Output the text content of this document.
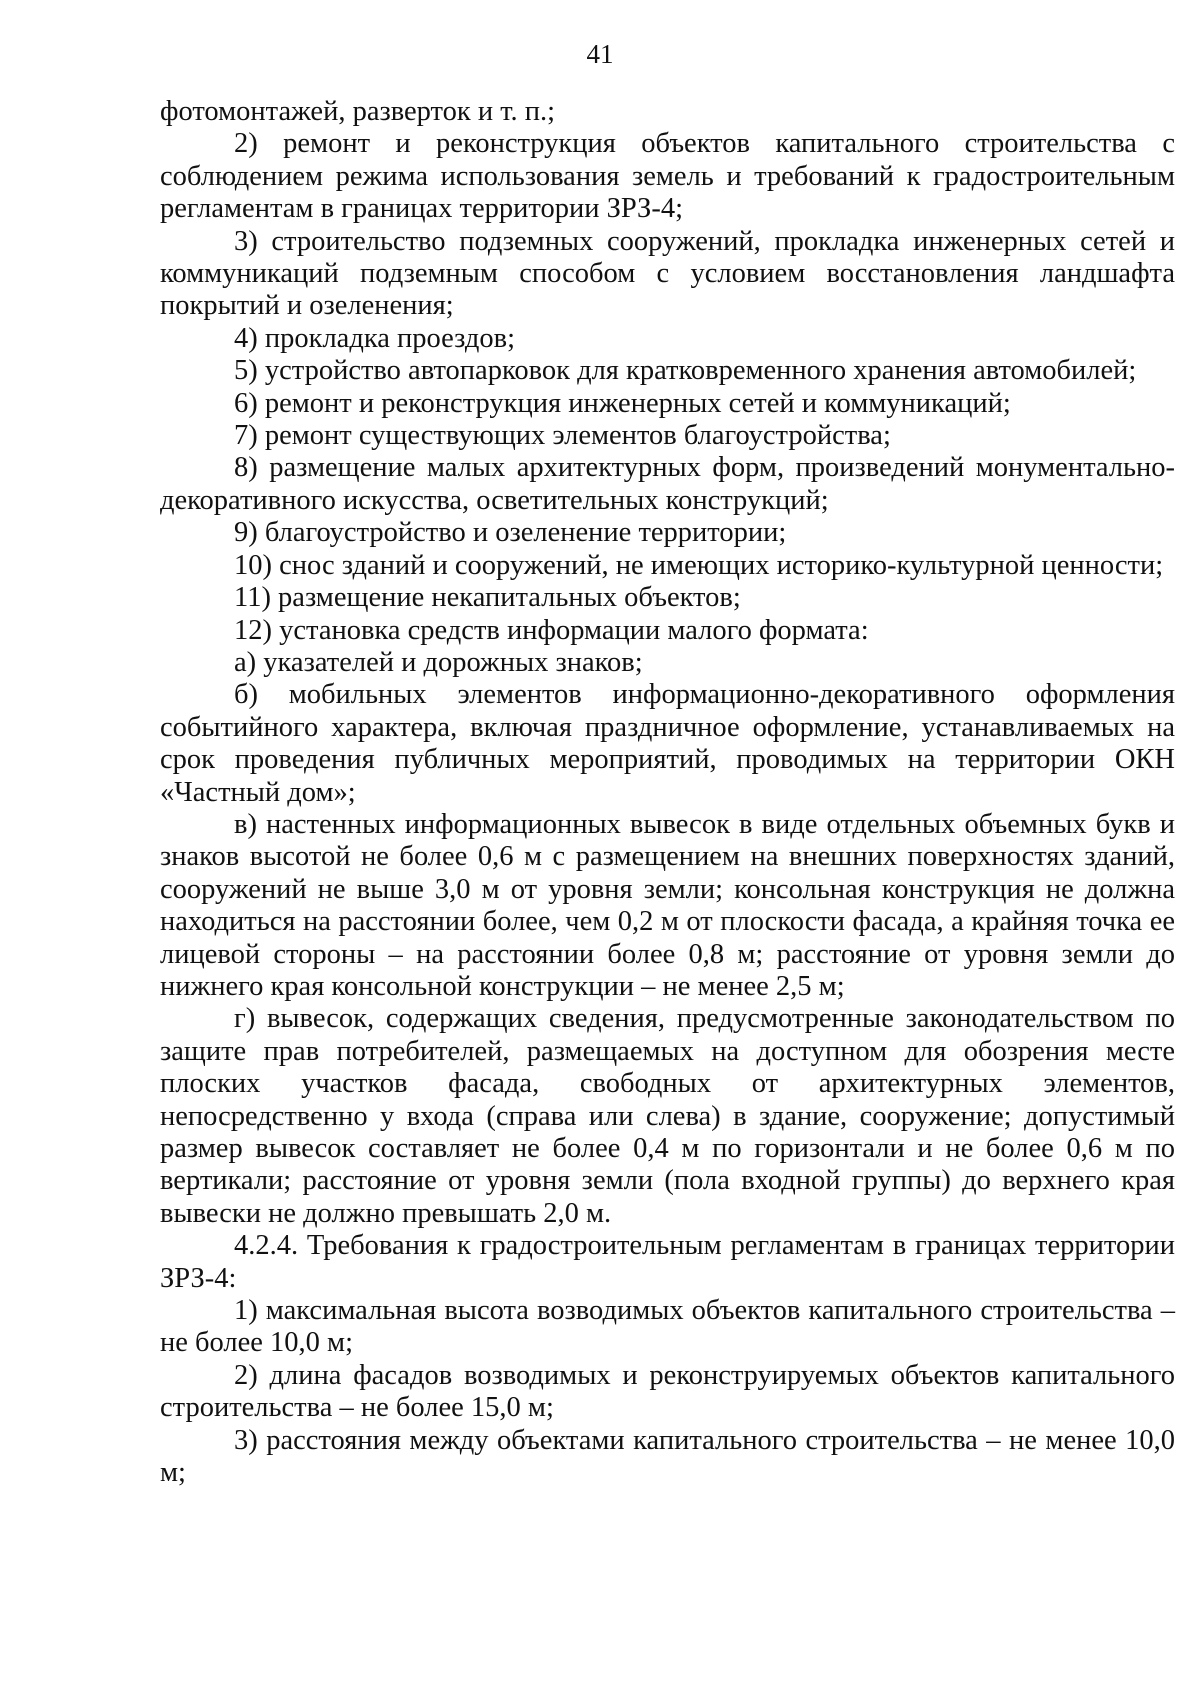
41

фотомонтажей, разверток и т. п.;

2) ремонт и реконструкция объектов капитального строительства с соблюдением режима использования земель и требований к градостроительным регламентам в границах территории ЗРЗ-4;

3) строительство подземных сооружений, прокладка инженерных сетей и коммуникаций подземным способом с условием восстановления ландшафта покрытий и озеленения;

4) прокладка проездов;

5) устройство автопарковок для кратковременного хранения автомобилей;

6) ремонт и реконструкция инженерных сетей и коммуникаций;

7) ремонт существующих элементов благоустройства;

8) размещение малых архитектурных форм, произведений монументально-декоративного искусства, осветительных конструкций;

9) благоустройство и озеленение территории;

10) снос зданий и сооружений, не имеющих историко-культурной ценности;

11) размещение некапитальных объектов;

12) установка средств информации малого формата:

а) указателей и дорожных знаков;

б) мобильных элементов информационно-декоративного оформления событийного характера, включая праздничное оформление, устанавливаемых на срок проведения публичных мероприятий, проводимых на территории ОКН «Частный дом»;

в) настенных информационных вывесок в виде отдельных объемных букв и знаков высотой не более 0,6 м с размещением на внешних поверхностях зданий, сооружений не выше 3,0 м от уровня земли; консольная конструкция не должна находиться на расстоянии более, чем 0,2 м от плоскости фасада, а крайняя точка ее лицевой стороны – на расстоянии более 0,8 м; расстояние от уровня земли до нижнего края консольной конструкции – не менее 2,5 м;

г) вывесок, содержащих сведения, предусмотренные законодательством по защите прав потребителей, размещаемых на доступном для обозрения месте плоских участков фасада, свободных от архитектурных элементов, непосредственно у входа (справа или слева) в здание, сооружение; допустимый размер вывесок составляет не более 0,4 м по горизонтали и не более 0,6 м по вертикали; расстояние от уровня земли (пола входной группы) до верхнего края вывески не должно превышать 2,0 м.

4.2.4. Требования к градостроительным регламентам в границах территории ЗРЗ-4:

1) максимальная высота возводимых объектов капитального строительства – не более 10,0 м;

2) длина фасадов возводимых и реконструируемых объектов капитального строительства – не более 15,0 м;

3) расстояния между объектами капитального строительства – не менее 10,0 м;
